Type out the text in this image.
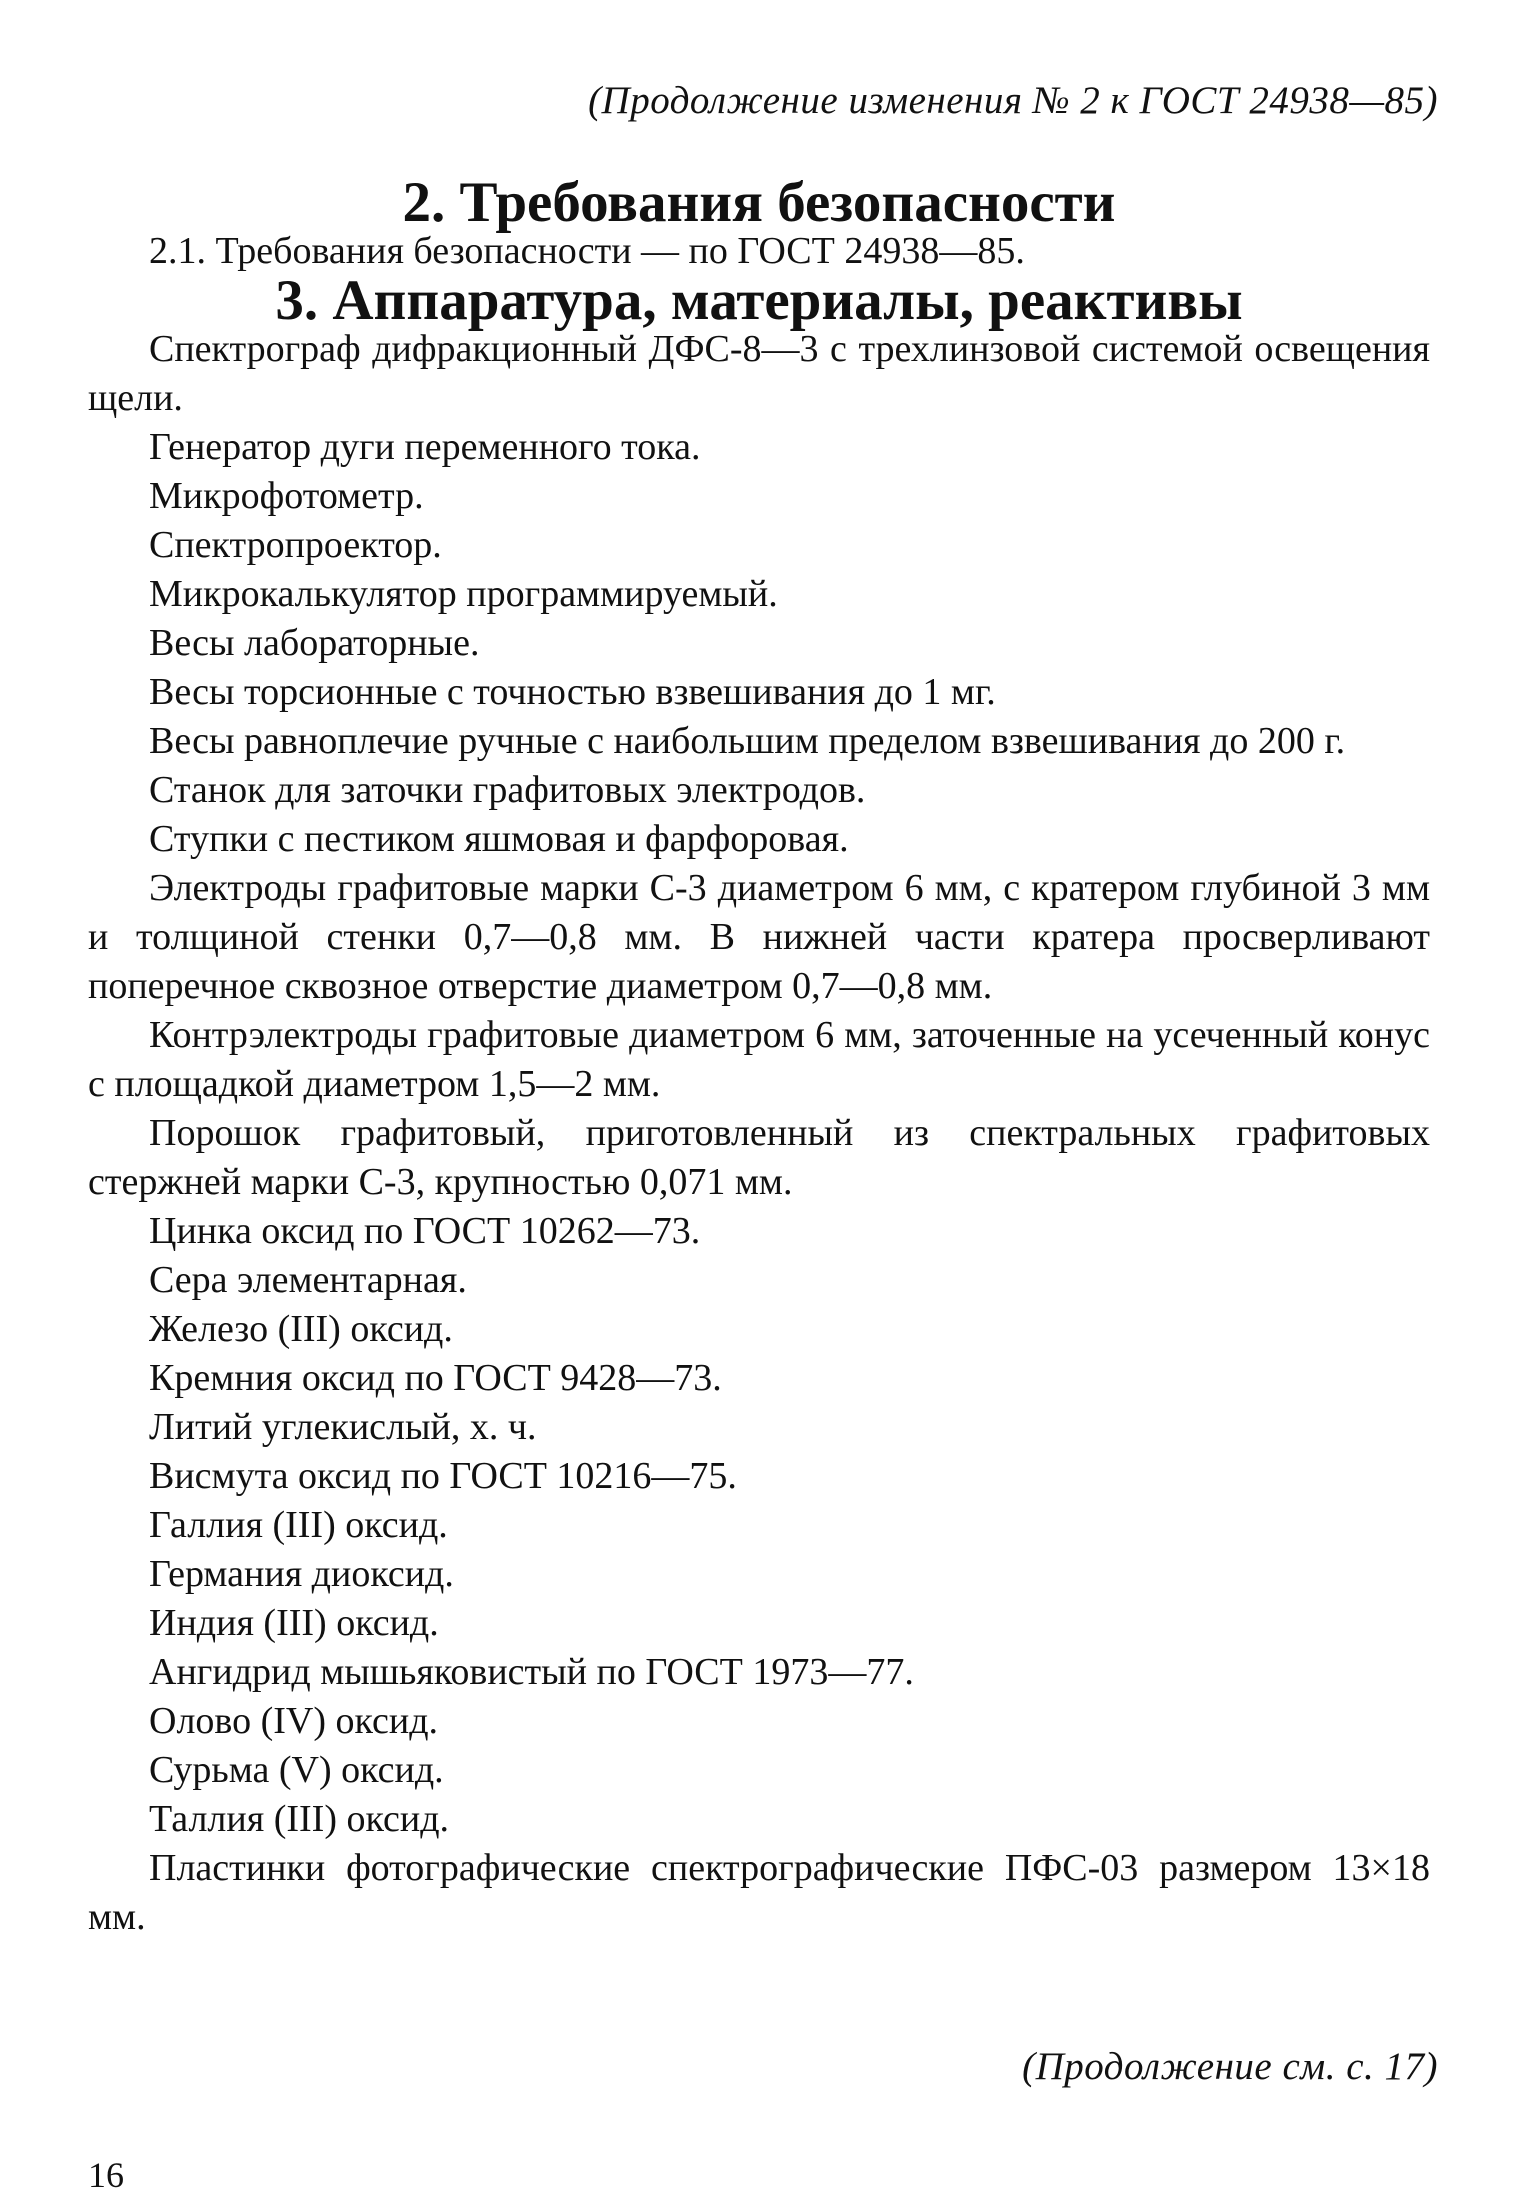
(Продолжение изменения № 2 к ГОСТ 24938—85)
2. Требования безопасности

2.1. Требования безопасности — по ГОСТ 24938—85.

3. Аппаратура, материалы, реактивы

Спектрограф дифракционный ДФС-8—3 с трехлинзовой системой освещения щели.

Генератор дуги переменного тока.

Микрофотометр.

Спектропроектор.

Микрокалькулятор программируемый.

Весы лабораторные.

Весы торсионные с точностью взвешивания до 1 мг.

Весы равноплечие ручные с наибольшим пределом взвешивания до 200 г.

Станок для заточки графитовых электродов.

Ступки с пестиком яшмовая и фарфоровая.

Электроды графитовые марки С-3 диаметром 6 мм, с кратером глубиной 3 мм и толщиной стенки 0,7—0,8 мм. В нижней части кратера просверливают поперечное сквозное отверстие диаметром 0,7—0,8 мм.

Контрэлектроды графитовые диаметром 6 мм, заточенные на усеченный конус с площадкой диаметром 1,5—2 мм.

Порошок графитовый, приготовленный из спектральных графитовых стержней марки С-3, крупностью 0,071 мм.

Цинка оксид по ГОСТ 10262—73.

Сера элементарная.

Железо (III) оксид.

Кремния оксид по ГОСТ 9428—73.

Литий углекислый, х. ч.

Висмута оксид по ГОСТ 10216—75.

Галлия (III) оксид.

Германия диоксид.

Индия (III) оксид.

Ангидрид мышьяковистый по ГОСТ 1973—77.

Олово (IV) оксид.

Сурьма (V) оксид.

Таллия (III) оксид.

Пластинки фотографические спектрографические ПФС-03 размером 13×18 мм.

(Продолжение см. с. 17)
16
